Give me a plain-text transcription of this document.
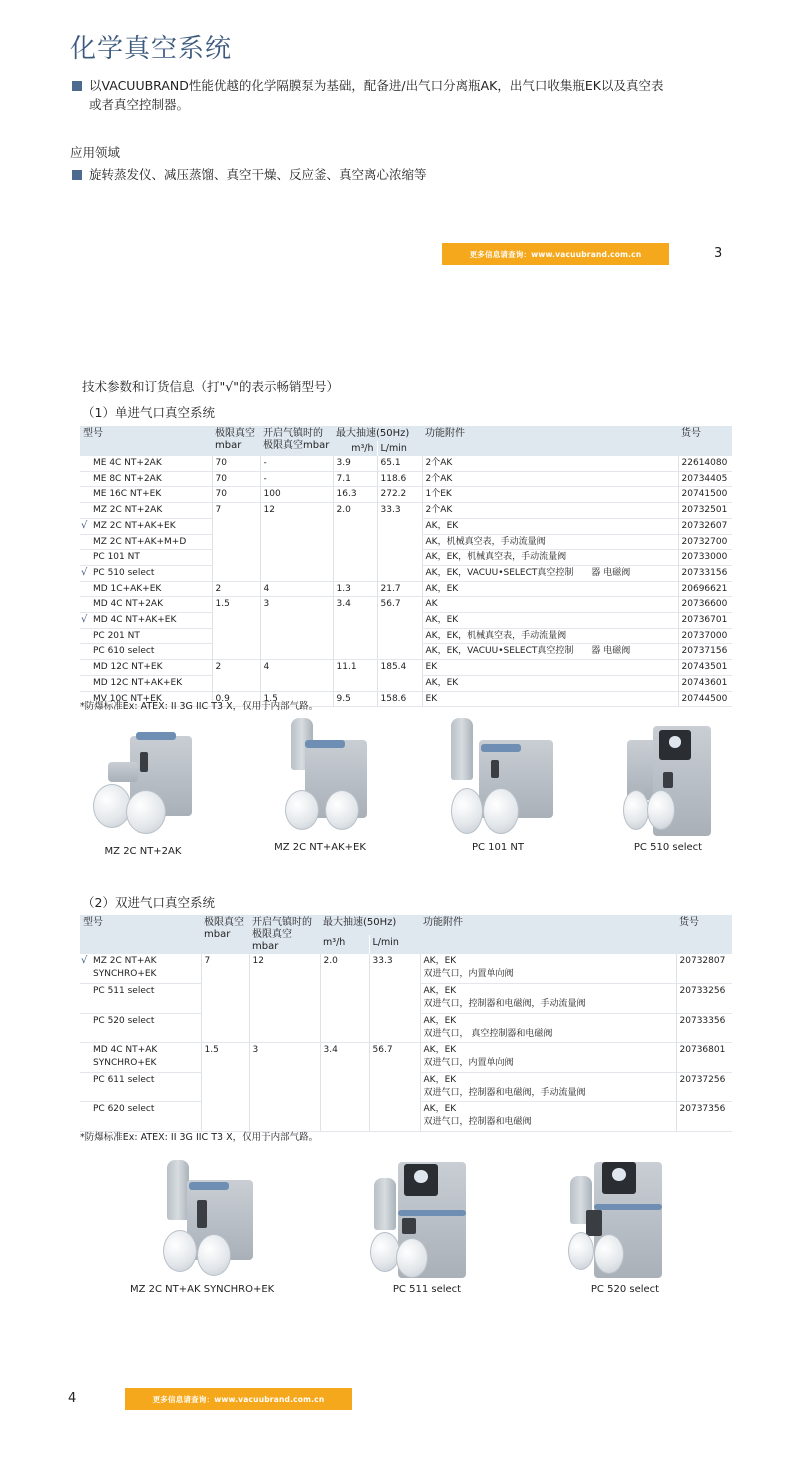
化学真空系统
以VACUUBRAND性能优越的化学隔膜泵为基础，配备进/出气口分离瓶AK，出气口收集瓶EK以及真空表
或者真空控制器。
应用领域
旋转蒸发仪、减压蒸馏、真空干燥、反应釜、真空离心浓缩等
更多信息请查询：www.vacuubrand.com.cn	3
技术参数和订货信息（打"√"的表示畅销型号）
（1）单进气口真空系统
型号	极限真空
mbar	开启气镇时的
极限真空mbar	最大抽速(50Hz)		功能附件	货号
			m³/h	L/min		

ME 4C NT+2AK	70	-	3.9	65.1	2个AK	22614080

ME 8C NT+2AK	70	-	7.1	118.6	2个AK	20734405

ME 16C NT+EK	70	100	16.3	272.2	1个EK	20741500

MZ 2C NT+2AK	7	12	2.0	33.3	2个AK	20732501

√ MZ 2C NT+AK+EK					AK，EK	20732607

MZ 2C NT+AK+M+D					AK，机械真空表，手动流量阀	20732700

PC 101 NT					AK，EK，机械真空表，手动流量阀	20733000

√ PC 510 select					AK，EK，VACUU•SELECT真空控制　　器 电磁阀	20733156

MD 1C+AK+EK	2	4	1.3	21.7	AK，EK	20696621

MD 4C NT+2AK	1.5	3	3.4	56.7	AK	20736600

√ MD 4C NT+AK+EK					AK，EK	20736701

PC 201 NT					AK，EK，机械真空表，手动流量阀	20737000

PC 610 select					AK，EK，VACUU•SELECT真空控制　　器 电磁阀	20737156

MD 12C NT+EK	2	4	11.1	185.4	EK	20743501

MD 12C NT+AK+EK					AK，EK	20743601

MV 10C NT+EK	0.9	1.5	9.5	158.6	EK	20744500
*防爆标准Ex: ATEX: II 3G IIC T3 X，仅用于内部气路。
MZ 2C NT+2AK	MZ 2C NT+AK+EK	PC 101 NT	PC 510 select
（2）双进气口真空系统
型号	极限真空
mbar	开启气镇时的
极限真空mbar	最大抽速(50Hz)		功能附件	货号
			m³/h	L/min		

√ MZ 2C NT+AK
SYNCHRO+EK	7	12	2.0	33.3	AK，EK
双进气口，内置单向阀	20732807

PC 511 select					AK，EK
双进气口，控制器和电磁阀，手动流量阀	20733256

PC 520 select					AK，EK
双进气口， 真空控制器和电磁阀	20733356

MD 4C NT+AK
SYNCHRO+EK	1.5	3	3.4	56.7	AK，EK
双进气口，内置单向阀	20736801

PC 611 select					AK，EK
双进气口，控制器和电磁阀，手动流量阀	20737256

PC 620 select					AK，EK
双进气口，控制器和电磁阀	20737356
*防爆标准Ex: ATEX: II 3G IIC T3 X，仅用于内部气路。
MZ 2C NT+AK SYNCHRO+EK	PC 511 select	PC 520 select
4	更多信息请查询：www.vacuubrand.com.cn
